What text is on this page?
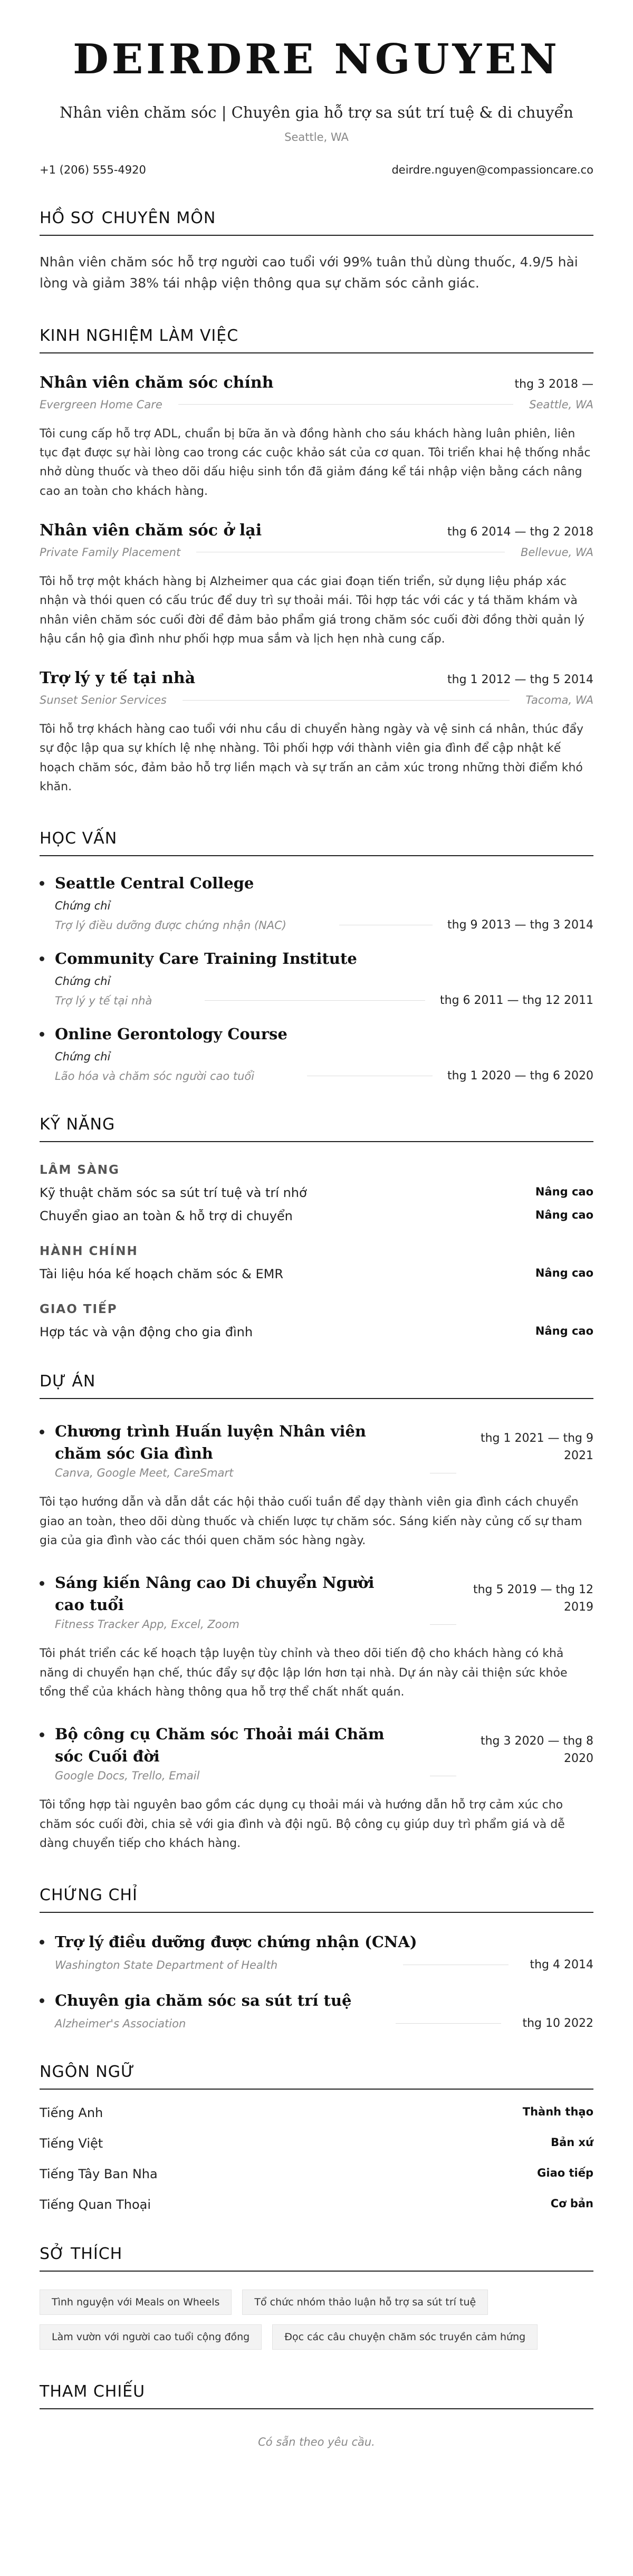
DEIRDRE NGUYEN
Nhân viên chăm sóc | Chuyên gia hỗ trợ sa sút trí tuệ & di chuyển
Seattle, WA
+1 (206) 555-4920	deirdre.nguyen@compassioncare.co
HỒ SƠ CHUYÊN MÔN

Nhân viên chăm sóc hỗ trợ người cao tuổi với 99% tuân thủ dùng thuốc, 4.9/5 hài lòng và giảm 38% tái nhập viện thông qua sự chăm sóc cảnh giác.

KINH NGHIỆM LÀM VIỆC
Nhân viên chăm sóc chính	thg 3 2018 —
Evergreen Home Care	Seattle, WA

Tôi cung cấp hỗ trợ ADL, chuẩn bị bữa ăn và đồng hành cho sáu khách hàng luân phiên, liên tục đạt được sự hài lòng cao trong các cuộc khảo sát của cơ quan. Tôi triển khai hệ thống nhắc nhở dùng thuốc và theo dõi dấu hiệu sinh tồn đã giảm đáng kể tái nhập viện bằng cách nâng cao an toàn cho khách hàng.

Nhân viên chăm sóc ở lại	thg 6 2014 — thg 2 2018
Private Family Placement	Bellevue, WA

Tôi hỗ trợ một khách hàng bị Alzheimer qua các giai đoạn tiến triển, sử dụng liệu pháp xác nhận và thói quen có cấu trúc để duy trì sự thoải mái. Tôi hợp tác với các y tá thăm khám và nhân viên chăm sóc cuối đời để đảm bảo phẩm giá trong chăm sóc cuối đời đồng thời quản lý hậu cần hộ gia đình như phối hợp mua sắm và lịch hẹn nhà cung cấp.

Trợ lý y tế tại nhà	thg 1 2012 — thg 5 2014
Sunset Senior Services	Tacoma, WA

Tôi hỗ trợ khách hàng cao tuổi với nhu cầu di chuyển hàng ngày và vệ sinh cá nhân, thúc đẩy sự độc lập qua sự khích lệ nhẹ nhàng. Tôi phối hợp với thành viên gia đình để cập nhật kế hoạch chăm sóc, đảm bảo hỗ trợ liền mạch và sự trấn an cảm xúc trong những thời điểm khó khăn.

HỌC VẤN
Seattle Central College
Chứng chỉ
Trợ lý điều dưỡng được chứng nhận (NAC)	thg 9 2013 — thg 3 2014
Community Care Training Institute
Chứng chỉ
Trợ lý y tế tại nhà	thg 6 2011 — thg 12 2011
Online Gerontology Course
Chứng chỉ
Lão hóa và chăm sóc người cao tuổi	thg 1 2020 — thg 6 2020
KỸ NĂNG
LÂM SÀNG
Kỹ thuật chăm sóc sa sút trí tuệ và trí nhớ	Nâng cao
Chuyển giao an toàn & hỗ trợ di chuyển	Nâng cao
HÀNH CHÍNH
Tài liệu hóa kế hoạch chăm sóc & EMR	Nâng cao
GIAO TIẾP
Hợp tác và vận động cho gia đình	Nâng cao
DỰ ÁN
Chương trình Huấn luyện Nhân viên chăm sóc Gia đình
thg 1 2021 — thg 9 2021
Canva, Google Meet, CareSmart

Tôi tạo hướng dẫn và dẫn dắt các hội thảo cuối tuần để dạy thành viên gia đình cách chuyển giao an toàn, theo dõi dùng thuốc và chiến lược tự chăm sóc. Sáng kiến này củng cố sự tham gia của gia đình vào các thói quen chăm sóc hàng ngày.

Sáng kiến Nâng cao Di chuyển Người cao tuổi
thg 5 2019 — thg 12 2019
Fitness Tracker App, Excel, Zoom

Tôi phát triển các kế hoạch tập luyện tùy chỉnh và theo dõi tiến độ cho khách hàng có khả năng di chuyển hạn chế, thúc đẩy sự độc lập lớn hơn tại nhà. Dự án này cải thiện sức khỏe tổng thể của khách hàng thông qua hỗ trợ thể chất nhất quán.

Bộ công cụ Chăm sóc Thoải mái Chăm sóc Cuối đời
thg 3 2020 — thg 8 2020
Google Docs, Trello, Email

Tôi tổng hợp tài nguyên bao gồm các dụng cụ thoải mái và hướng dẫn hỗ trợ cảm xúc cho chăm sóc cuối đời, chia sẻ với gia đình và đội ngũ. Bộ công cụ giúp duy trì phẩm giá và dễ dàng chuyển tiếp cho khách hàng.

CHỨNG CHỈ
Trợ lý điều dưỡng được chứng nhận (CNA)
Washington State Department of Health	thg 4 2014
Chuyên gia chăm sóc sa sút trí tuệ
Alzheimer's Association	thg 10 2022
NGÔN NGỮ
Tiếng Anh	Thành thạo
Tiếng Việt	Bản xứ
Tiếng Tây Ban Nha	Giao tiếp
Tiếng Quan Thoại	Cơ bản
SỞ THÍCH
Tình nguyện với Meals on Wheels	Tổ chức nhóm thảo luận hỗ trợ sa sút trí tuệ
Làm vườn với người cao tuổi cộng đồng	Đọc các câu chuyện chăm sóc truyền cảm hứng
THAM CHIẾU

Có sẵn theo yêu cầu.
